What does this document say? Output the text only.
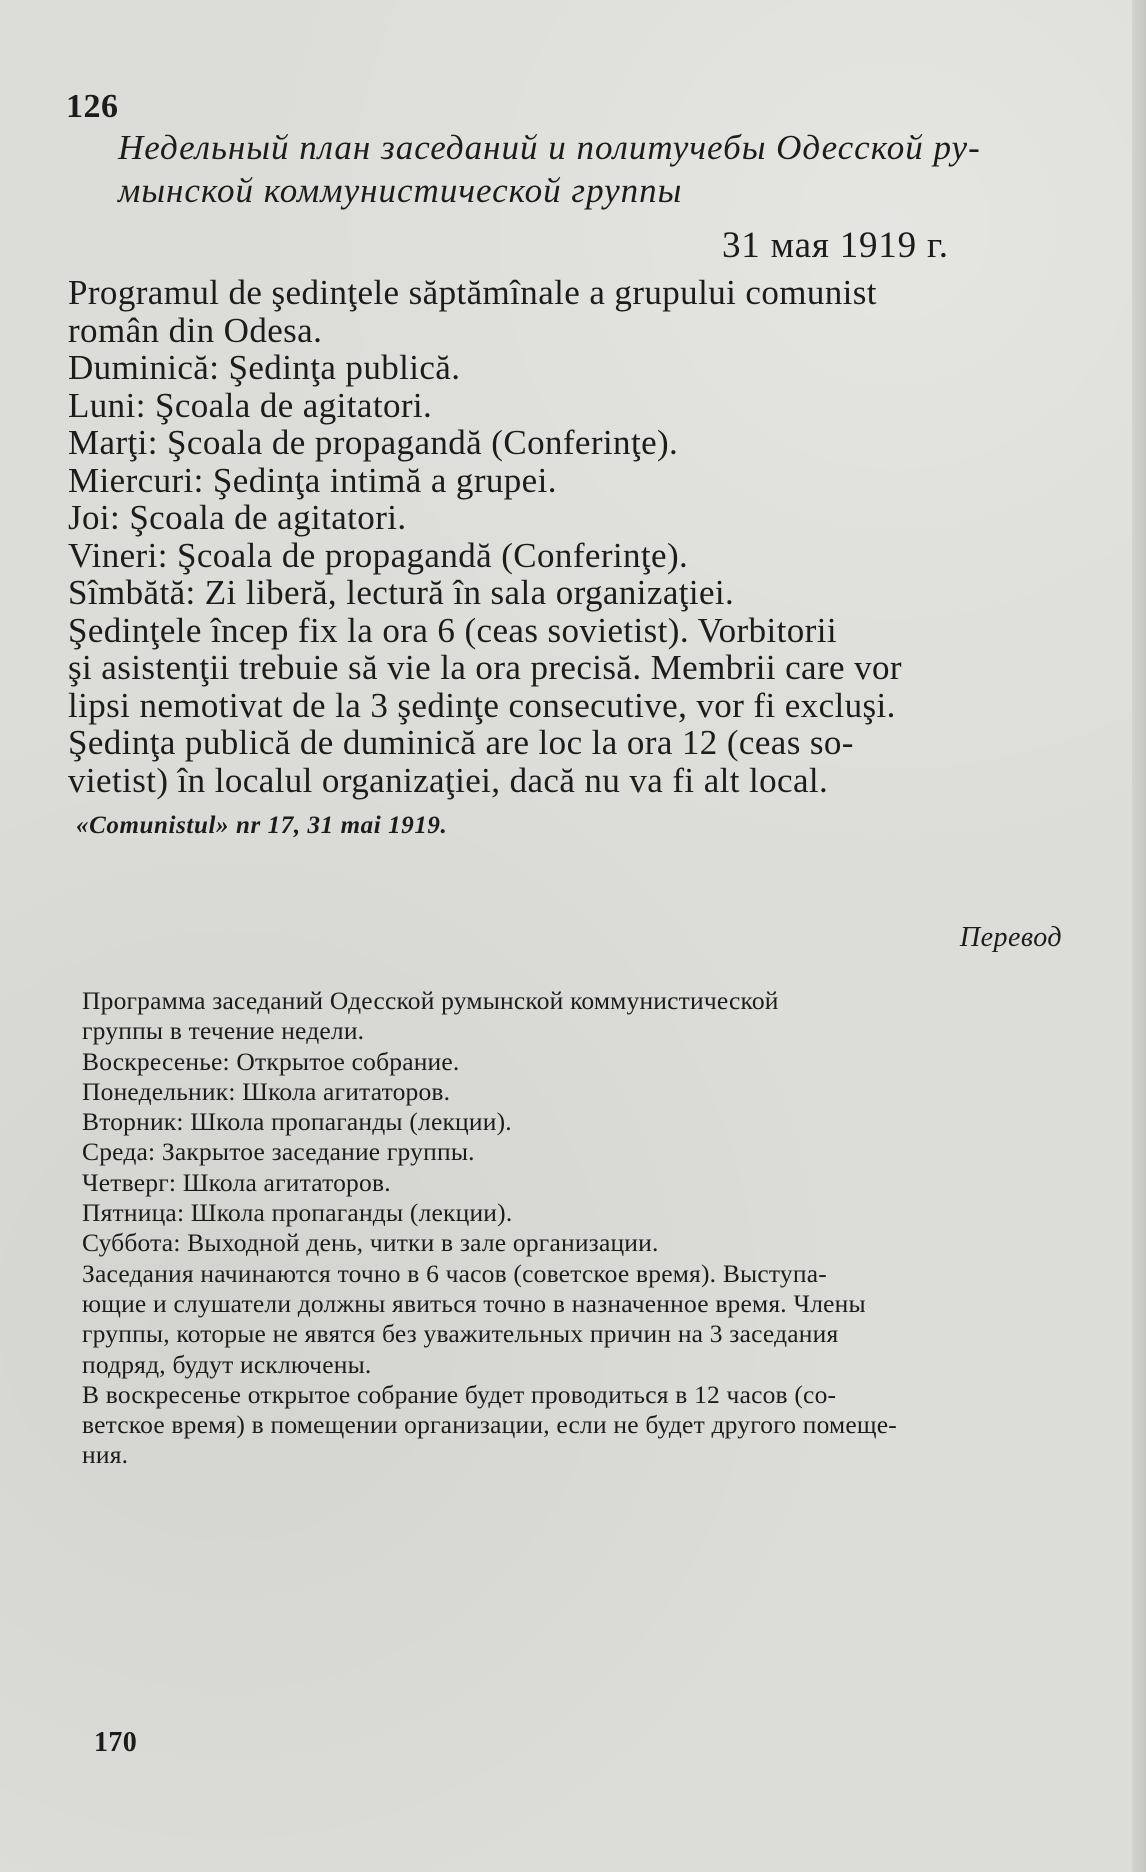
126
Недельный план заседаний и политучебы Одесской ру-
мынской коммунистической группы
31 мая 1919 г.
Programul de şedinţele săptămînale a grupului comunist
român din Odesa.
Duminică: Şedinţa publică.
Luni: Şcoala de agitatori.
Marţi: Şcoala de propagandă (Conferinţe).
Miercuri: Şedinţa intimă a grupei.
Joi: Şcoala de agitatori.
Vineri: Şcoala de propagandă (Conferinţe).
Sîmbătă: Zi liberă, lectură în sala organizaţiei.
Şedinţele încep fix la ora 6 (ceas sovietist). Vorbitorii
şi asistenţii trebuie să vie la ora precisă. Membrii care vor
lipsi nemotivat de la 3 şedinţe consecutive, vor fi excluşi.
Şedinţa publică de duminică are loc la ora 12 (ceas so-
vietist) în localul organizaţiei, dacă nu va fi alt local.
«Comunistul» nr 17, 31 mai 1919.
Перевод
Программа заседаний Одесской румынской коммунистической
группы в течение недели.
Воскресенье: Открытое собрание.
Понедельник: Школа агитаторов.
Вторник: Школа пропаганды (лекции).
Среда: Закрытое заседание группы.
Четверг: Школа агитаторов.
Пятница: Школа пропаганды (лекции).
Суббота: Выходной день, читки в зале организации.
Заседания начинаются точно в 6 часов (советское время). Выступа-
ющие и слушатели должны явиться точно в назначенное время. Члены
группы, которые не явятся без уважительных причин на 3 заседания
подряд, будут исключены.
В воскресенье открытое собрание будет проводиться в 12 часов (со-
ветское время) в помещении организации, если не будет другого помеще-
ния.
170
